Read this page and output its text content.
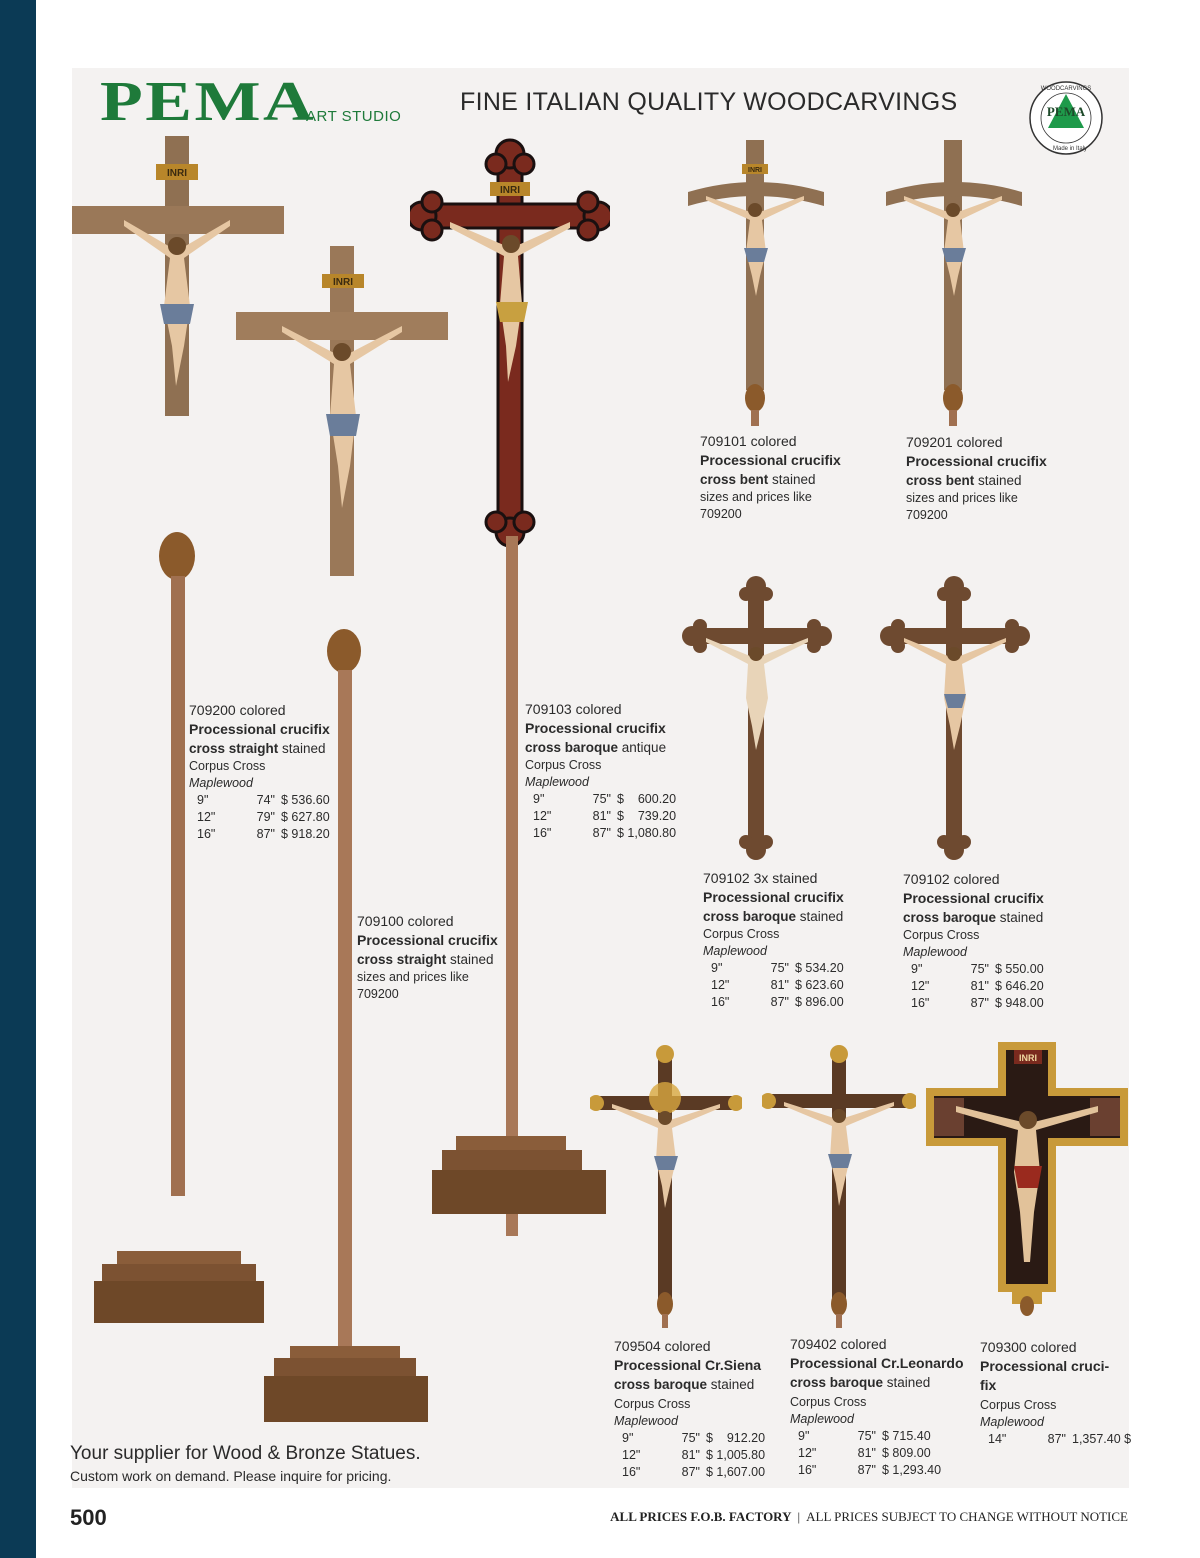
PEMA
ART STUDIO
FINE ITALIAN QUALITY WOODCARVINGS	PEMA
WOODCARVINGS
Made in Italy
INRI
INRI
INRI
INRI
INRI
709200 colored
Processional crucifix
cross straight stained
Corpus Cross
Maplewood
9"	74"	$ 536.60
12"	79"	$ 627.80
16"	87"	$ 918.20
709103 colored
Processional crucifix
cross baroque antique
Corpus Cross
Maplewood
9"	75"	$    600.20
12"	81"	$    739.20
16"	87"	$ 1,080.80
709100 colored
Processional crucifix
cross straight stained
sizes and prices like
709200
709101 colored
Processional crucifix
cross bent stained
sizes and prices like
709200
709201 colored
Processional crucifix
cross bent stained
sizes and prices like
709200
709102 3x stained
Processional crucifix
cross baroque stained
Corpus Cross
Maplewood
9"	75"	$ 534.20
12"	81"	$ 623.60
16"	87"	$ 896.00
709102 colored
Processional crucifix
cross baroque stained
Corpus Cross
Maplewood
9"	75"	$ 550.00
12"	81"	$ 646.20
16"	87"	$ 948.00
709504 colored
Processional Cr.Siena
cross baroque stained
Corpus Cross
Maplewood
9"	75"	$    912.20
12"	81"	$ 1,005.80
16"	87"	$ 1,607.00
709402 colored
Processional Cr.Leonardo
cross baroque stained
Corpus Cross
Maplewood
9"	75"	$ 715.40
12"	81"	$ 809.00
16"	87"	$ 1,293.40
709300 colored
Processional cruci-
fix
Corpus Cross
Maplewood
14"	87"	1,357.40 $
Your supplier for Wood & Bronze Statues.
Custom work on demand. Please inquire for pricing.
500	ALL PRICES F.O.B. FACTORY | ALL PRICES SUBJECT TO CHANGE WITHOUT NOTICE
